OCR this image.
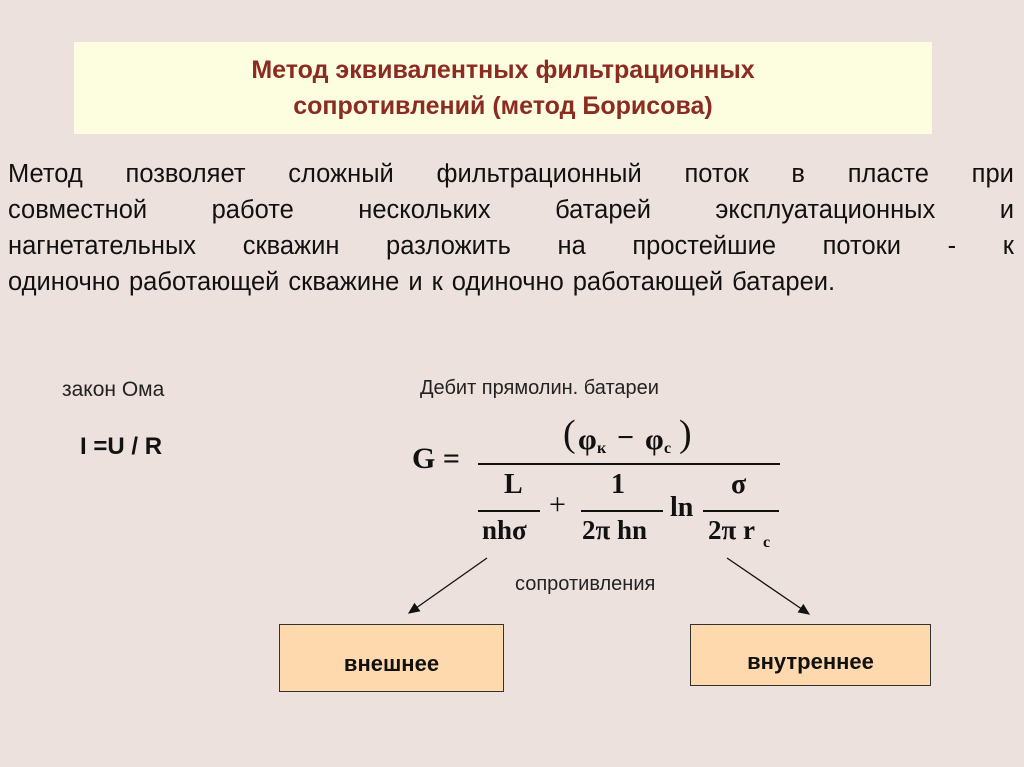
Метод эквивалентных фильтрационных
сопротивлений (метод Борисова)
Метод позволяет сложный фильтрационный поток в пласте при
совместной	работе	нескольких	батарей	эксплуатационных	и
нагнетательных скважин разложить на простейшие потоки - к
одиночно работающей скважине и к одиночно работающей батареи.
закон Ома
I =U / R
Дебит прямолин. батареи
G =
( φ к − φ с )
L
nhσ
+
1
2π hn
ln
σ
2π r c
сопротивления
внешнее	внутреннее
